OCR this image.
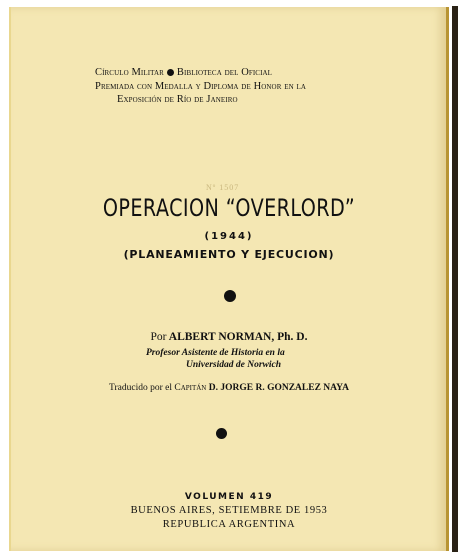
Círculo Militar Biblioteca del Oficial
Premiada con Medalla y Diploma de Honor en la
Exposición de Río de Janeiro
Nº 1507
OPERACION “OVERLORD”
(1944)
(PLANEAMIENTO Y EJECUCION)
Por ALBERT NORMAN, Ph. D.
Profesor Asistente de Historia en la
Universidad de Norwich
Traducido por el Capitán D. JORGE R. GONZALEZ NAYA
VOLUMEN 419
BUENOS AIRES, SETIEMBRE DE 1953
REPUBLICA ARGENTINA
